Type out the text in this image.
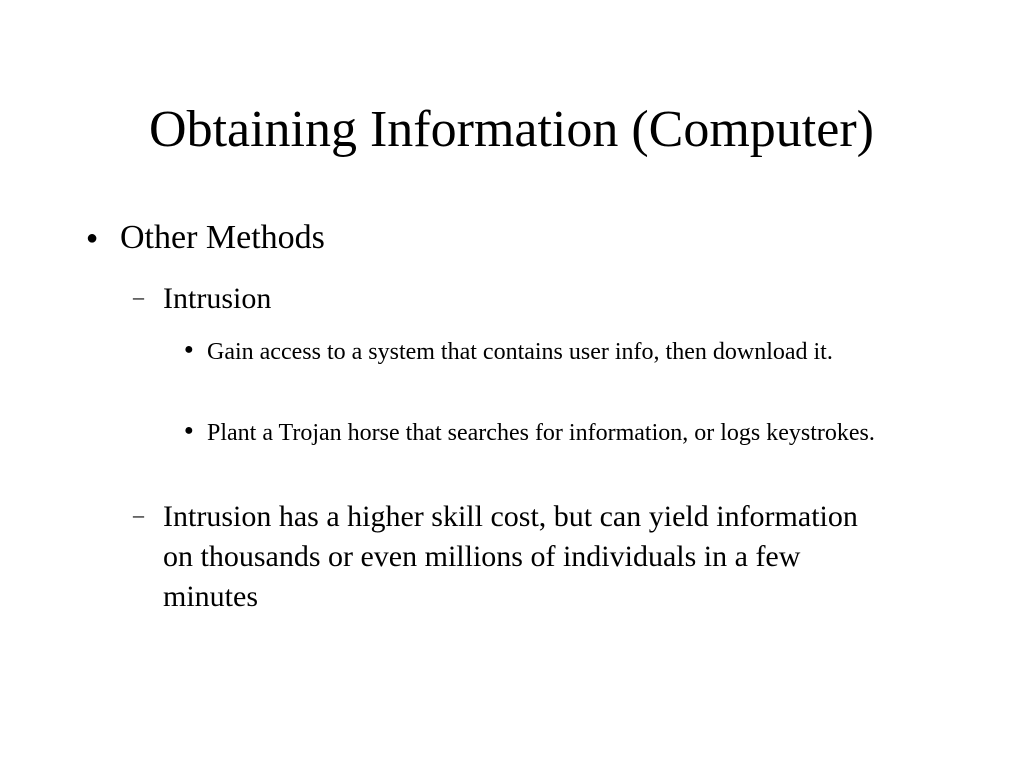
Obtaining Information (Computer)
● Other Methods
– Intrusion
● Gain access to a system that contains user info, then download it.
● Plant a Trojan horse that searches for information, or logs keystrokes.
– Intrusion has a higher skill cost, but can yield information on thousands or even millions of individuals in a few minutes
